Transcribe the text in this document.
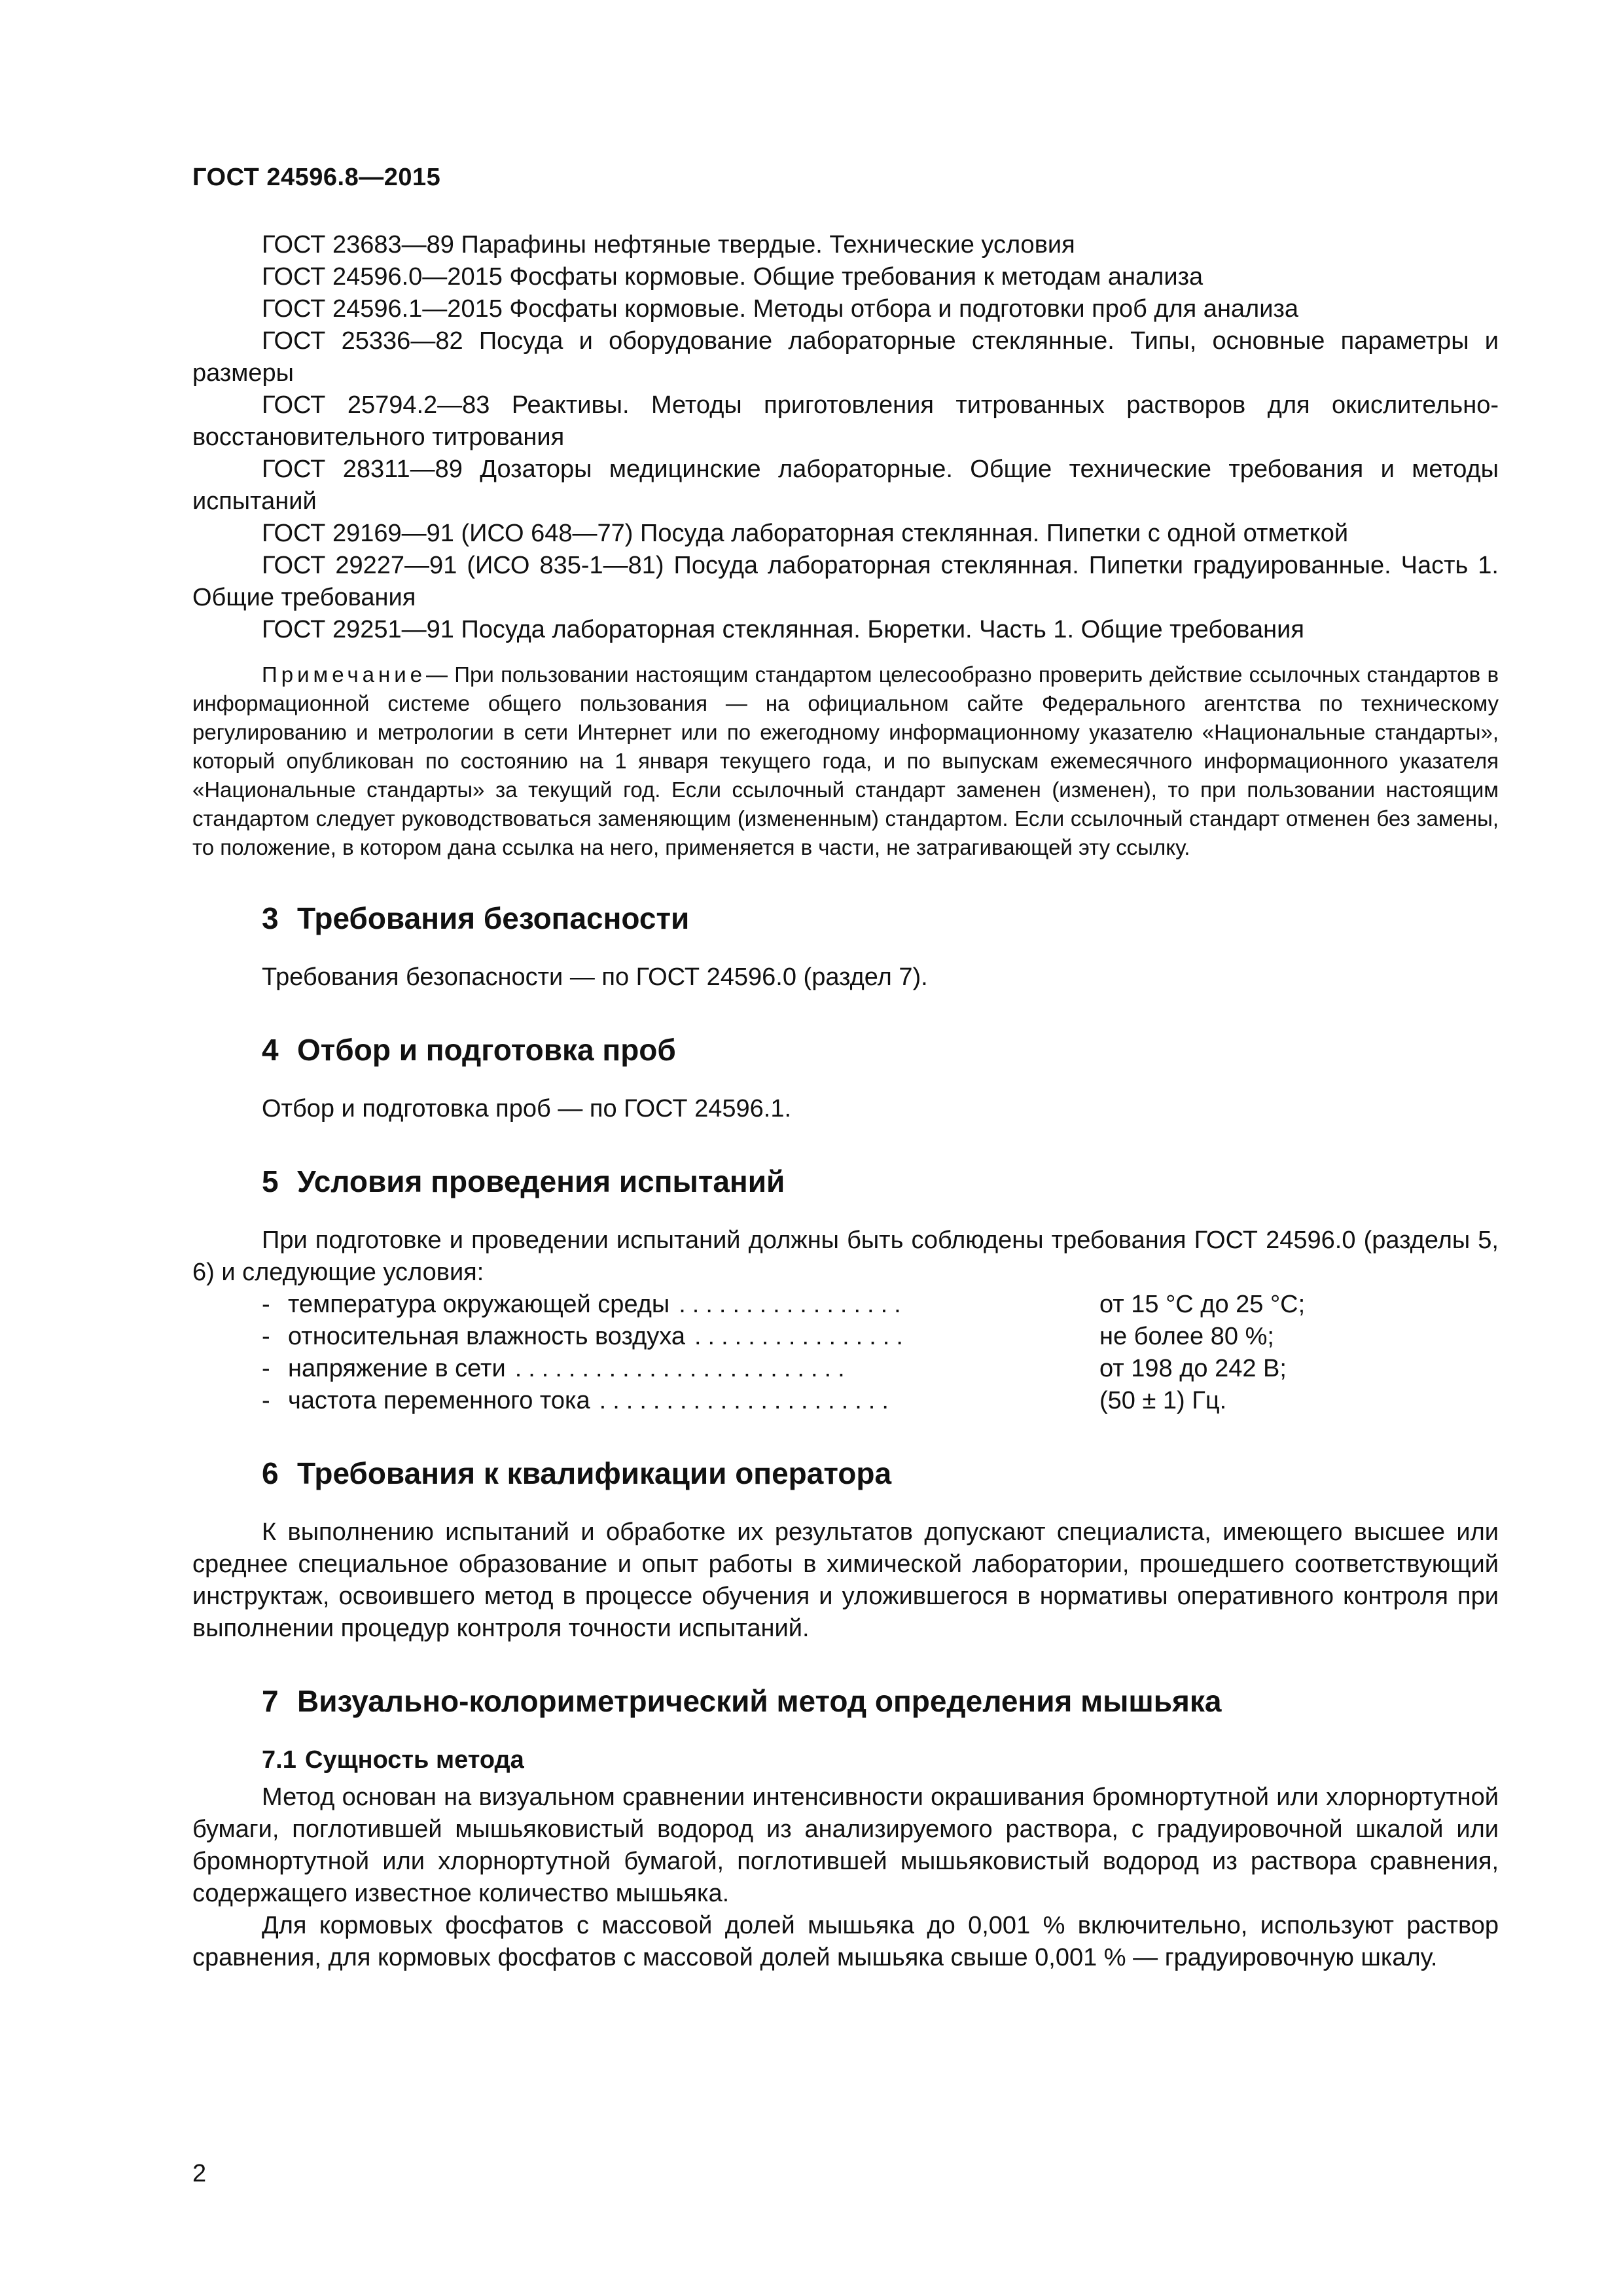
ГОСТ 24596.8—2015

ГОСТ 23683—89 Парафины нефтяные твердые. Технические условия

ГОСТ 24596.0—2015 Фосфаты кормовые. Общие требования к методам анализа

ГОСТ 24596.1—2015 Фосфаты кормовые. Методы отбора и подготовки проб для анализа

ГОСТ 25336—82 Посуда и оборудование лабораторные стеклянные. Типы, основные параметры и размеры

ГОСТ 25794.2—83 Реактивы. Методы приготовления титрованных растворов для окислительно-восстановительного титрования

ГОСТ 28311—89 Дозаторы медицинские лабораторные. Общие технические требования и методы испытаний

ГОСТ 29169—91 (ИСО 648—77) Посуда лабораторная стеклянная. Пипетки с одной отметкой

ГОСТ 29227—91 (ИСО 835-1—81) Посуда лабораторная стеклянная. Пипетки градуированные. Часть 1. Общие требования

ГОСТ 29251—91 Посуда лабораторная стеклянная. Бюретки. Часть 1. Общие требования

Примечание— При пользовании настоящим стандартом целесообразно проверить действие ссылочных стандартов в информационной системе общего пользования — на официальном сайте Федерального агентства по техническому регулированию и метрологии в сети Интернет или по ежегодному информационному указателю «Национальные стандарты», который опубликован по состоянию на 1 января текущего года, и по выпускам ежемесячного информационного указателя «Национальные стандарты» за текущий год. Если ссылочный стандарт заменен (изменен), то при пользовании настоящим стандартом следует руководствоваться заменяющим (измененным) стандартом. Если ссылочный стандарт отменен без замены, то положение, в котором дана ссылка на него, применяется в части, не затрагивающей эту ссылку.

3 Требования безопасности

Требования безопасности — по ГОСТ 24596.0 (раздел 7).

4 Отбор и подготовка проб

Отбор и подготовка проб — по ГОСТ 24596.1.

5 Условия проведения испытаний

При подготовке и проведении испытаний должны быть соблюдены требования ГОСТ 24596.0 (разделы 5, 6) и следующие условия:

- температура окружающей среды .................	от 15 °С до 25 °С;
- относительная влажность воздуха ................	не более 80 %;
- напряжение в сети .........................	от 198 до 242 В;
- частота переменного тока ......................	(50 ± 1) Гц.
6 Требования к квалификации оператора

К выполнению испытаний и обработке их результатов допускают специалиста, имеющего высшее или среднее специальное образование и опыт работы в химической лаборатории, прошедшего соответствующий инструктаж, освоившего метод в процессе обучения и уложившегося в нормативы оперативного контроля при выполнении процедур контроля точности испытаний.

7 Визуально-колориметрический метод определения мышьяка
7.1 Сущность метода

Метод основан на визуальном сравнении интенсивности окрашивания бромнортутной или хлорнортутной бумаги, поглотившей мышьяковистый водород из анализируемого раствора, с градуировочной шкалой или бромнортутной или хлорнортутной бумагой, поглотившей мышьяковистый водород из раствора сравнения, содержащего известное количество мышьяка.

Для кормовых фосфатов с массовой долей мышьяка до 0,001 % включительно, используют раствор сравнения, для кормовых фосфатов с массовой долей мышьяка свыше 0,001 % — градуировочную шкалу.

2
